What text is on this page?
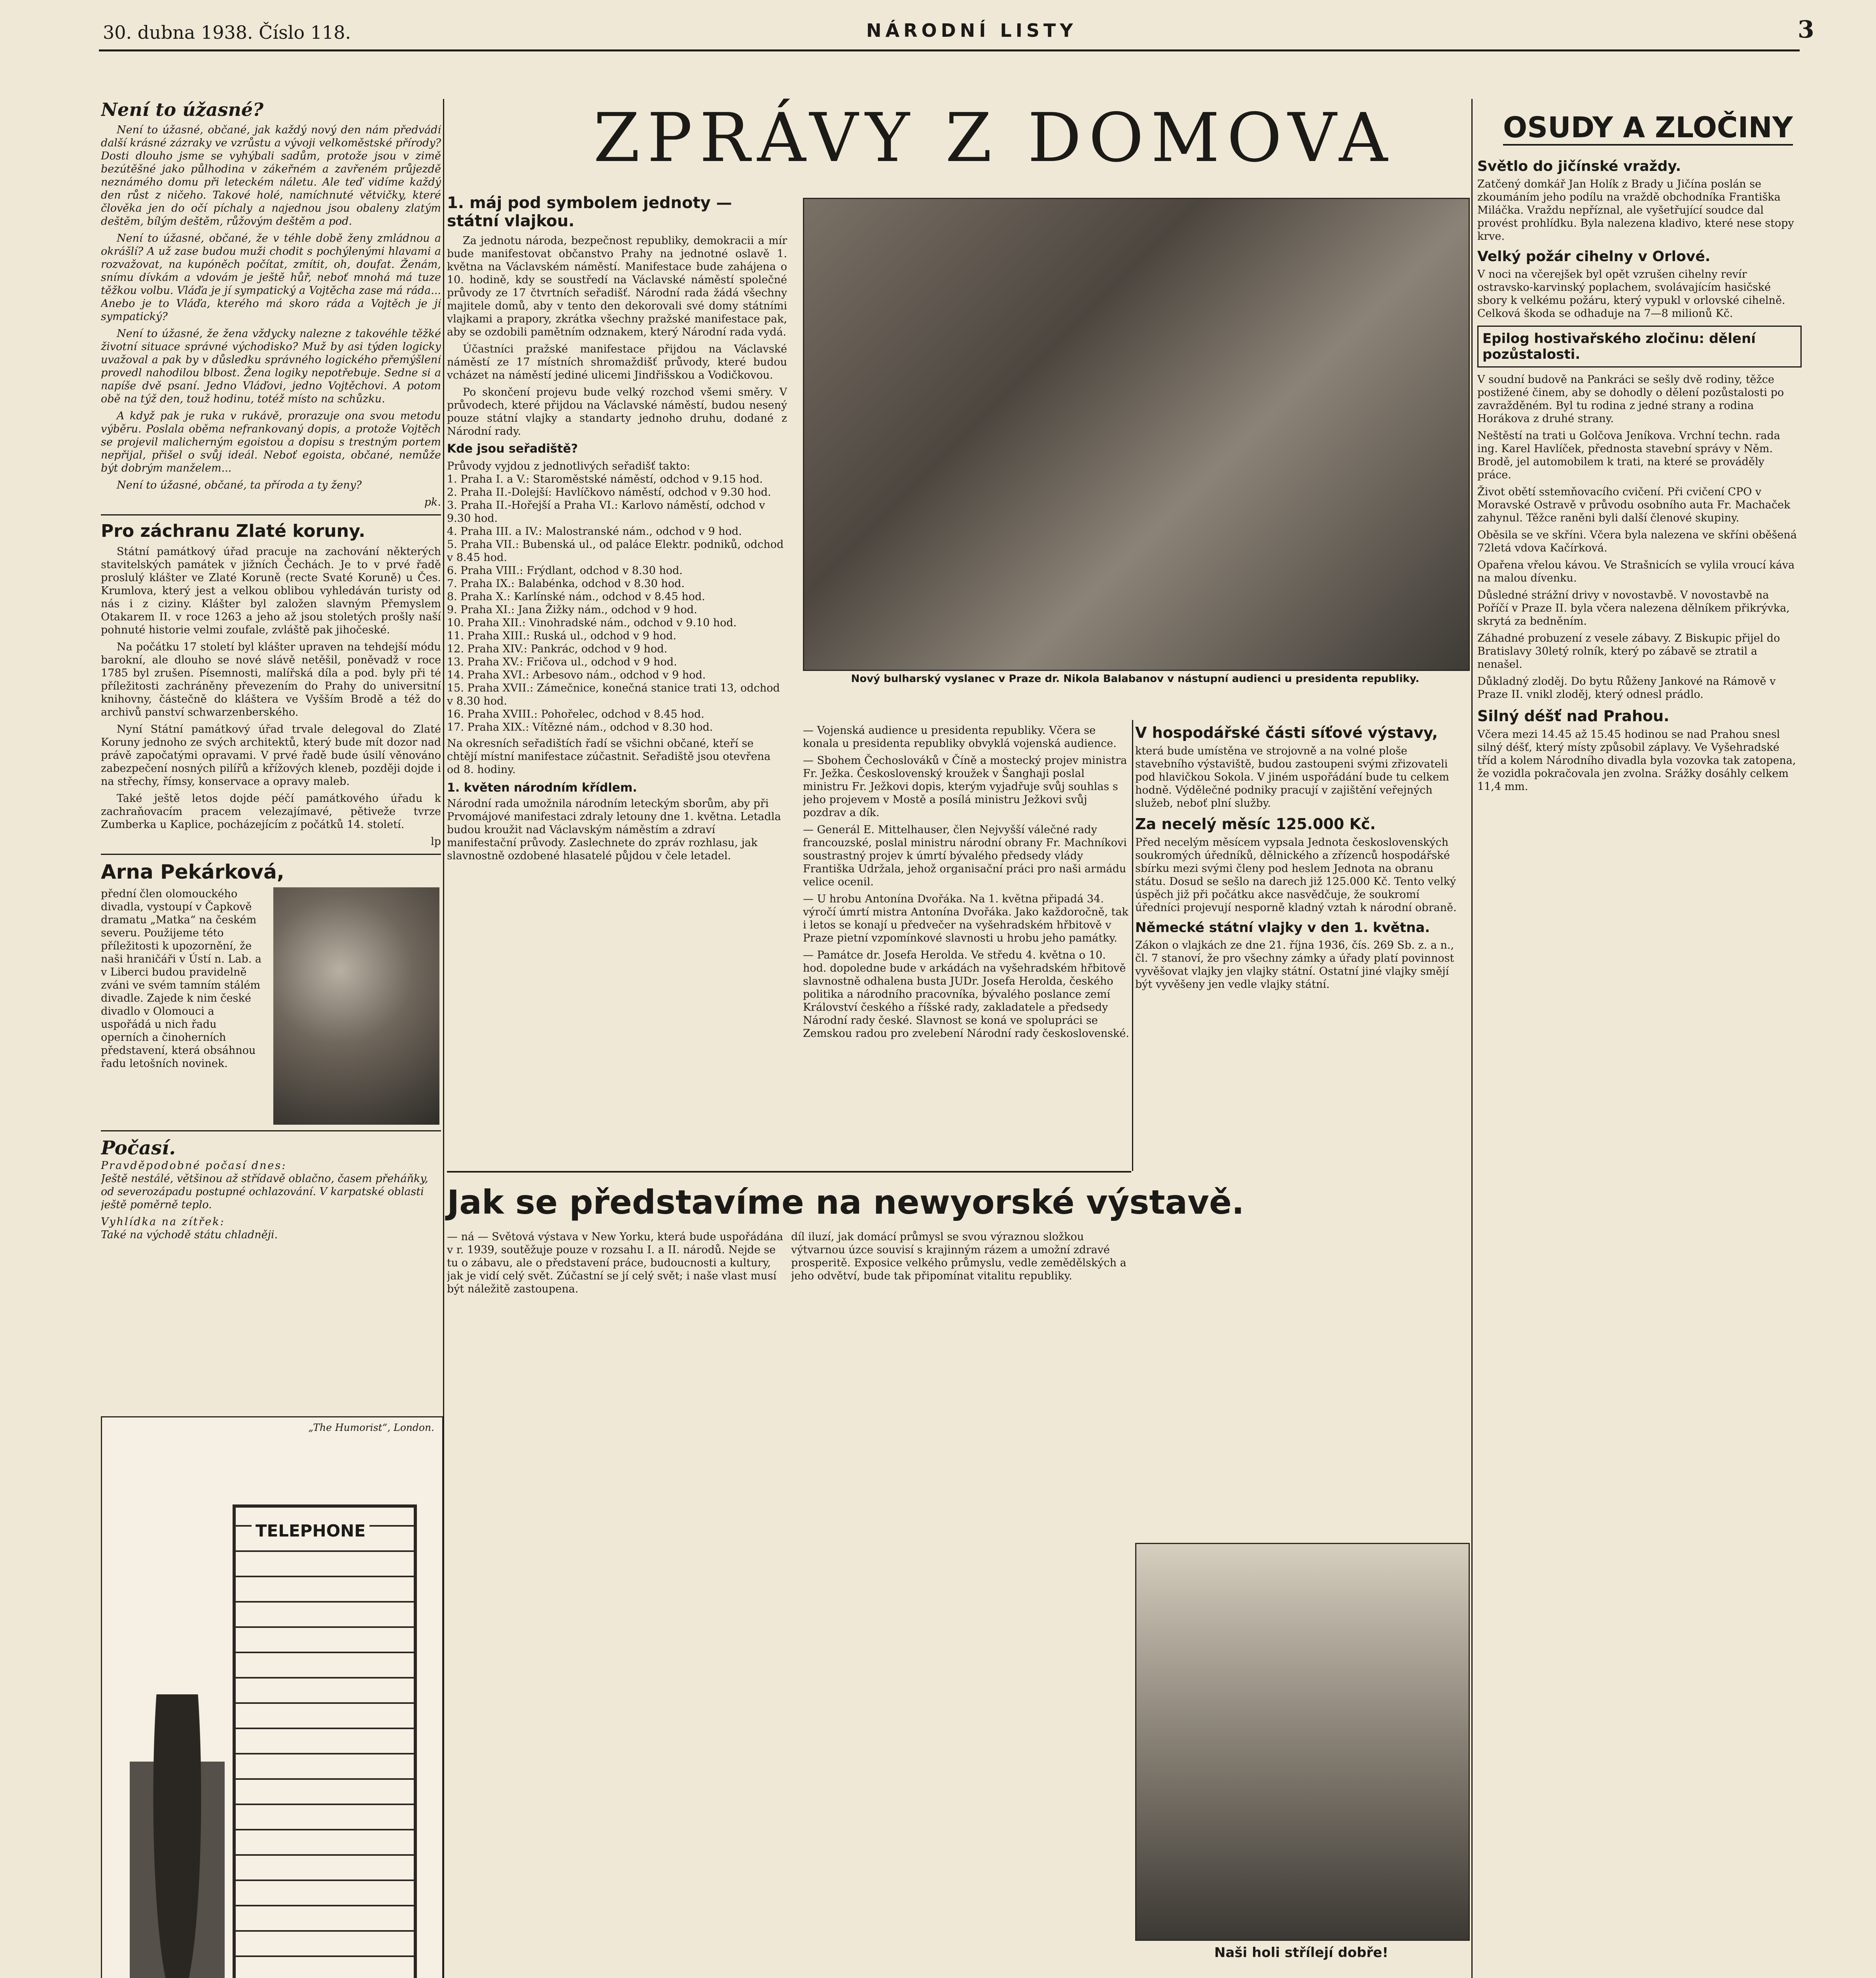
30. dubna 1938. Číslo 118.	NÁRODNÍ LISTY	3
ZPRÁVY Z DOMOVA	OSUDY A ZLOČINY
Není to úžasné?

Není to úžasné, občané, jak každý nový den nám předvádí další krásné zázraky ve vzrůstu a vývoji velkoměstské přírody? Dosti dlouho jsme se vyhýbali sadům, protože jsou v zimě bezútěšné jako půlhodina v zákeřném a zavřeném průjezdě neznámého domu při leteckém náletu. Ale teď vidíme každý den růst z ničeho. Takové holé, namíchnuté větvičky, které člověka jen do očí píchaly a najednou jsou obaleny zlatým deštěm, bílým deštěm, růžovým deštěm a pod.

Není to úžasné, občané, že v téhle době ženy zmládnou a okrášlí? A už zase budou muži chodit s pochýlenými hlavami a rozvažovat, na kupóněch počítat, zmítit, oh, doufat. Ženám, snímu dívkám a vdovám je ještě hůř, neboť mnohá má tuze těžkou volbu. Vláďa je jí sympatický a Vojtěcha zase má ráda... Anebo je to Vláďa, kterého má skoro ráda a Vojtěch je jí sympatický?

Není to úžasné, že žena vždycky nalezne z takovéhle těžké životní situace správné východisko? Muž by asi týden logicky uvažoval a pak by v důsledku správného logického přemýšlení provedl nahodilou blbost. Žena logiky nepotřebuje. Sedne si a napíše dvě psaní. Jedno Vláďovi, jedno Vojtěchovi. A potom obě na týž den, touž hodinu, totéž místo na schůzku.

A když pak je ruka v rukávě, prorazuje ona svou metodu výběru. Poslala oběma nefrankovaný dopis, a protože Vojtěch se projevil malicherným egoistou a dopisu s trestným portem nepřijal, přišel o svůj ideál. Neboť egoista, občané, nemůže být dobrým manželem...

Není to úžasné, občané, ta příroda a ty ženy?

pk.
Pro záchranu Zlaté koruny.

Státní památkový úřad pracuje na zachování některých stavitelských památek v jižních Čechách. Je to v prvé řadě proslulý klášter ve Zlaté Koruně (recte Svaté Koruně) u Čes. Krumlova, který jest a velkou oblibou vyhledáván turisty od nás i z ciziny. Klášter byl založen slavným Přemyslem Otakarem II. v roce 1263 a jeho až jsou stoletých prošly naší pohnuté historie velmi zoufale, zvláště pak jihočeské.

Na počátku 17 století byl klášter upraven na tehdejší módu barokní, ale dlouho se nové slávě netěšil, poněvadž v roce 1785 byl zrušen. Písemnosti, malířská díla a pod. byly při té příležitosti zachráněny převezením do Prahy do universitní knihovny, částečně do kláštera ve Vyšším Brodě a též do archivů panství schwarzenberského.

Nyní Státní památkový úřad trvale delegoval do Zlaté Koruny jednoho ze svých architektů, který bude mít dozor nad právě započatými opravami. V prvé řadě bude úsilí věnováno zabezpečení nosných pilířů a křížových kleneb, později dojde i na střechy, římsy, konservace a opravy maleb.

Také ještě letos dojde péčí památkového úřadu k zachraňovacím pracem velezajímavé, pětiveže tvrze Zumberka u Kaplice, pocházejícím z počátků 14. století.

lp
Arna Pekárková,
přední člen olomouckého divadla, vystoupí v Čapkově dramatu „Matka“ na českém severu. Použijeme této příležitosti k upozornění, že naši hraničáři v Ústí n. Lab. a v Liberci budou pravidelně zváni ve svém tamním stálém divadle. Zajede k nim české divadlo v Olomouci a uspořádá u nich řadu operních a činoherních představení, která obsáhnou řadu letošních novinek.
Počasí.
Pravděpodobné počasí dnes:
Ještě nestálé, většinou až střídavě oblačno, časem přeháňky, od severozápadu postupné ochlazování. V karpatské oblasti ještě poměrně teplo.
Vyhlídka na zítřek:
Také na východě státu chladněji.
„The Humorist“, London.
TELEPHONE
1. máj pod symbolem jednoty — státní vlajkou.

Za jednotu národa, bezpečnost republiky, demokracii a mír bude manifestovat občanstvo Prahy na jednotné oslavě 1. května na Václavském náměstí. Manifestace bude zahájena o 10. hodině, kdy se soustředí na Václavské náměstí společné průvody ze 17 čtvrtních seřadišť. Národní rada žádá všechny majitele domů, aby v tento den dekorovali své domy státními vlajkami a prapory, zkrátka všechny pražské manifestace pak, aby se ozdobili pamětním odznakem, který Národní rada vydá.

Účastníci pražské manifestace přijdou na Václavské náměstí ze 17 místních shromaždišť průvody, které budou vcházet na náměstí jediné ulicemi Jindřišskou a Vodičkovou.

Po skončení projevu bude velký rozchod všemi směry. V průvodech, které přijdou na Václavské náměstí, budou nesený pouze státní vlajky a standarty jednoho druhu, dodané z Národní rady.

Kde jsou seřadiště?
Průvody vyjdou z jednotlivých seřadišť takto:
1. Praha I. a V.: Staroměstské náměstí, odchod v 9.15 hod.
2. Praha II.-Dolejší: Havlíčkovo náměstí, odchod v 9.30 hod.
3. Praha II.-Hořejší a Praha VI.: Karlovo náměstí, odchod v 9.30 hod.
4. Praha III. a IV.: Malostranské nám., odchod v 9 hod.
5. Praha VII.: Bubenská ul., od paláce Elektr. podniků, odchod v 8.45 hod.
6. Praha VIII.: Frýdlant, odchod v 8.30 hod.
7. Praha IX.: Balabénka, odchod v 8.30 hod.
8. Praha X.: Karlínské nám., odchod v 8.45 hod.
9. Praha XI.: Jana Žižky nám., odchod v 9 hod.
10. Praha XII.: Vinohradské nám., odchod v 9.10 hod.
11. Praha XIII.: Ruská ul., odchod v 9 hod.
12. Praha XIV.: Pankrác, odchod v 9 hod.
13. Praha XV.: Fričova ul., odchod v 9 hod.
14. Praha XVI.: Arbesovo nám., odchod v 9 hod.
15. Praha XVII.: Zámečnice, konečná stanice trati 13, odchod v 8.30 hod.
16. Praha XVIII.: Pohořelec, odchod v 8.45 hod.
17. Praha XIX.: Vítězné nám., odchod v 8.30 hod.
Na okresních seřadištích řadí se všichni občané, kteří se chtějí místní manifestace zúčastnit. Seřadiště jsou otevřena od 8. hodiny.
1. květen národním křídlem.
Národní rada umožnila národním leteckým sborům, aby při Prvomájové manifestaci zdraly letouny dne 1. května. Letadla budou kroužit nad Václavským náměstím a zdraví manifestační průvody. Zaslechnete do zpráv rozhlasu, jak slavnostně ozdobené hlasatelé půjdou v čele letadel.
Nový bulharský vyslanec v Praze dr. Nikola Balabanov v nástupní audienci u presidenta republiky.
— Vojenská audience u presidenta republiky. Včera se konala u presidenta republiky obvyklá vojenská audience.
— Sbohem Čechoslováků v Číně a mostecký projev ministra Fr. Ježka. Československý kroužek v Šanghaji poslal ministru Fr. Ježkovi dopis, kterým vyjadřuje svůj souhlas s jeho projevem v Mostě a posílá ministru Ježkovi svůj pozdrav a dík.
— Generál E. Mittelhauser, člen Nejvyšší válečné rady francouzské, poslal ministru národní obrany Fr. Machníkovi soustrastný projev k úmrtí bývalého předsedy vlády Františka Udržala, jehož organisační práci pro naši armádu velice ocenil.
— U hrobu Antonína Dvořáka. Na 1. května připadá 34. výročí úmrtí mistra Antonína Dvořáka. Jako každoročně, tak i letos se konají u předvečer na vyšehradském hřbitově v Praze pietní vzpomínkové slavnosti u hrobu jeho památky.
— Památce dr. Josefa Herolda. Ve středu 4. května o 10. hod. dopoledne bude v arkádách na vyšehradském hřbitově slavnostně odhalena busta JUDr. Josefa Herolda, českého politika a národního pracovníka, bývalého poslance zemí Království českého a říšské rady, zakladatele a předsedy Národní rady české. Slavnost se koná ve spolupráci se Zemskou radou pro zvelebení Národní rady československé.
V hospodářské části síťové výstavy,
která bude umístěna ve strojovně a na volné ploše stavebního výstaviště, budou zastoupeni svými zřizovateli pod hlavičkou Sokola. V jiném uspořádání bude tu celkem hodně. Výdělečné podniky pracují v zajištění veřejných služeb, neboť plní služby.
Za necelý měsíc 125.000 Kč.
Před necelým měsícem vypsala Jednota československých soukromých úředníků, dělnického a zřízenců hospodářské sbírku mezi svými členy pod heslem Jednota na obranu státu. Dosud se sešlo na darech již 125.000 Kč. Tento velký úspěch již při počátku akce nasvědčuje, že soukromí úředníci projevují nesporně kladný vztah k národní obraně.
Německé státní vlajky v den 1. května.
Zákon o vlajkách ze dne 21. října 1936, čís. 269 Sb. z. a n., čl. 7 stanoví, že pro všechny zámky a úřady platí povinnost vyvěšovat vlajky jen vlajky státní. Ostatní jiné vlajky smějí být vyvěšeny jen vedle vlajky státní.
Naši holi střílejí dobře!
Jak se představíme na newyorské výstavě.
— ná — Světová výstava v New Yorku, která bude uspořádána v r. 1939, soutěžuje pouze v rozsahu I. a II. národů. Nejde se tu o zábavu, ale o představení práce, budoucnosti a kultury, jak je vidí celý svět. Zúčastní se jí celý svět; i naše vlast musí být náležitě zastoupena.
díl iluzí, jak domácí průmysl se svou výraznou složkou výtvarnou úzce souvisí s krajinným rázem a umožní zdravé prosperitě. Exposice velkého průmyslu, vedle zemědělských a jeho odvětví, bude tak připomínat vitalitu republiky.
Světlo do jičínské vraždy.
Zatčený domkář Jan Holík z Brady u Jičína poslán se zkoumáním jeho podílu na vraždě obchodníka Františka Miláčka. Vraždu nepříznal, ale vyšetřující soudce dal provést prohlídku. Byla nalezena kladivo, které nese stopy krve.
Velký požár cihelny v Orlové.
V noci na včerejšek byl opět vzrušen cihelny revír ostravsko-karvinský poplachem, svolávajícím hasičské sbory k velkému požáru, který vypukl v orlovské cihelně. Celková škoda se odhaduje na 7—8 milionů Kč.
Epilog hostivařského zločinu: dělení pozůstalosti.
V soudní budově na Pankráci se sešly dvě rodiny, těžce postižené činem, aby se dohodly o dělení pozůstalosti po zavražděném. Byl tu rodina z jedné strany a rodina Horákova z druhé strany.
Neštěstí na trati u Golčova Jeníkova. Vrchní techn. rada ing. Karel Havlíček, přednosta stavební správy v Něm. Brodě, jel automobilem k trati, na které se prováděly práce.
Život obětí sstemňovacího cvičení. Při cvičení CPO v Moravské Ostravě v průvodu osobního auta Fr. Machaček zahynul. Těžce raněni byli další členové skupiny.
Oběsila se ve skříni. Včera byla nalezena ve skříni oběšená 72letá vdova Kačírková.
Opařena vřelou kávou. Ve Strašnicích se vylila vroucí káva na malou dívenku.
Důsledné strážní drivy v novostavbě. V novostavbě na Poříčí v Praze II. byla včera nalezena dělníkem přikrývka, skrytá za bedněním.
Záhadné probuzení z vesele zábavy. Z Biskupic přijel do Bratislavy 30letý rolník, který po zábavě se ztratil a nenašel.
Důkladný zloděj. Do bytu Růženy Jankové na Rámově v Praze II. vnikl zloděj, který odnesl prádlo.
Silný déšť nad Prahou.
Včera mezi 14.45 až 15.45 hodinou se nad Prahou snesl silný déšť, který místy způsobil záplavy. Ve Vyšehradské tříd a kolem Národního divadla byla vozovka tak zatopena, že vozidla pokračovala jen zvolna. Srážky dosáhly celkem 11,4 mm.
